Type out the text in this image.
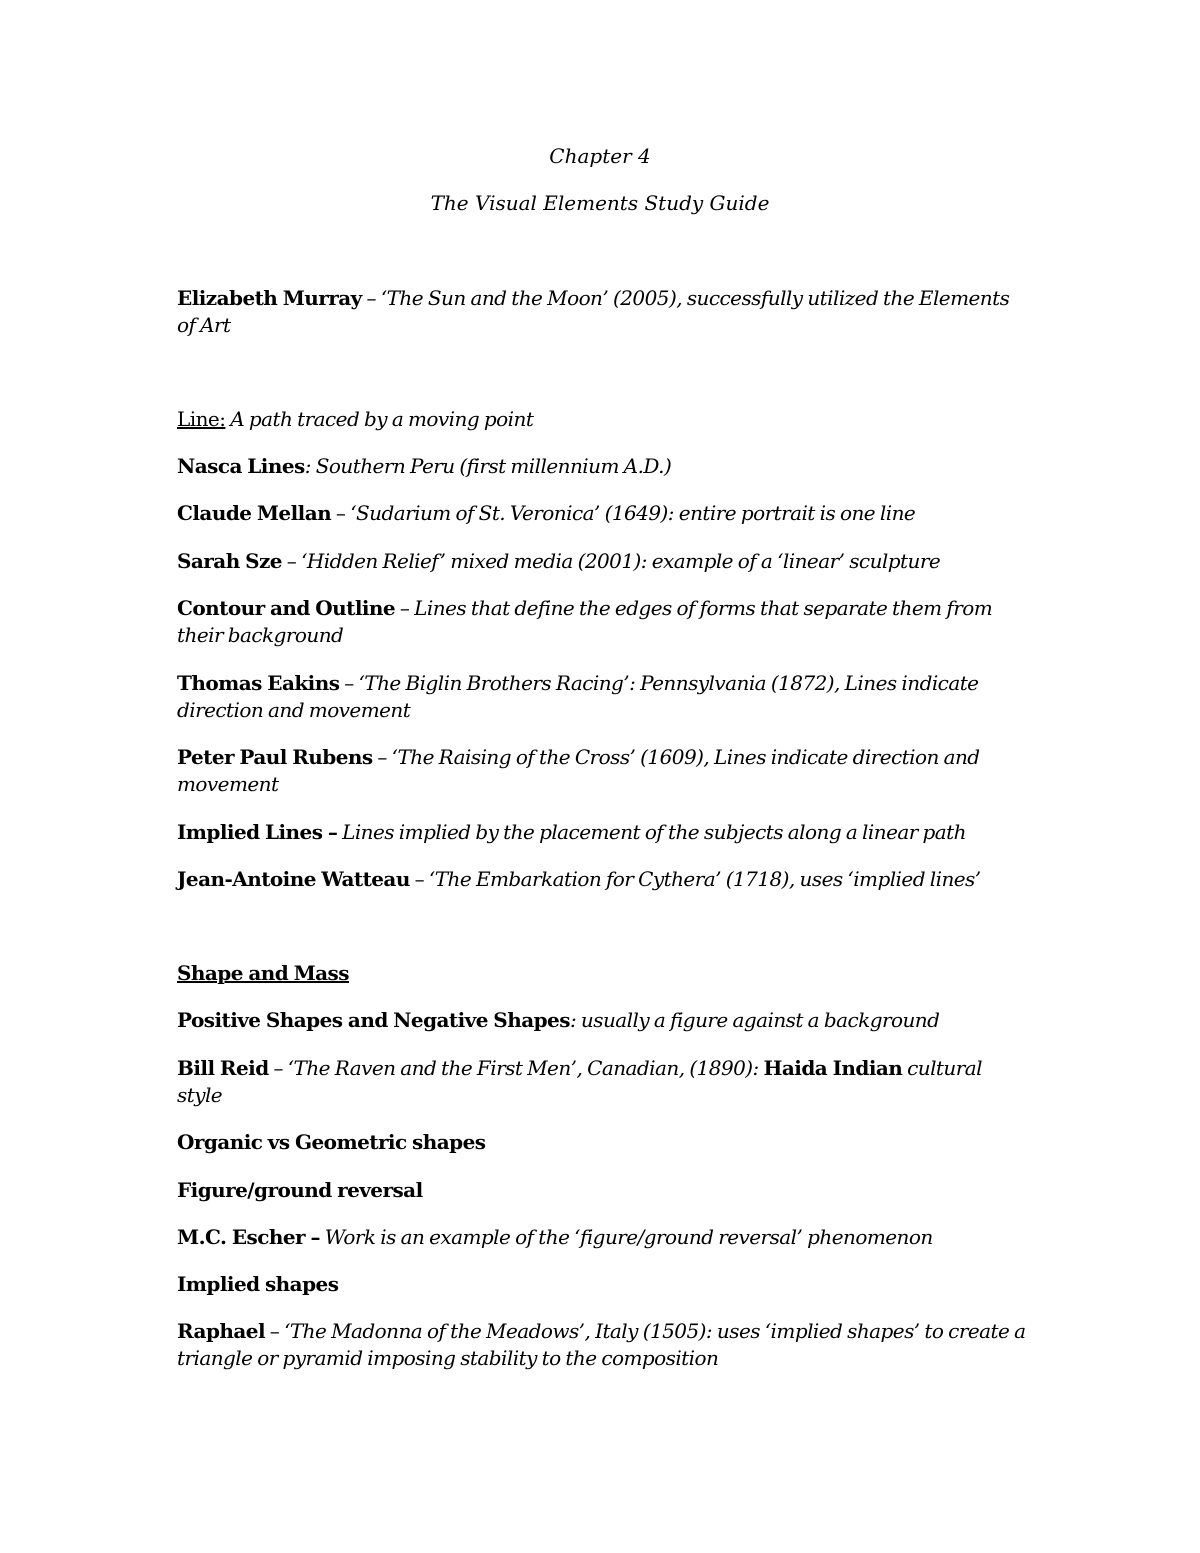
Chapter 4
The Visual Elements Study Guide
Elizabeth Murray – ‘The Sun and the Moon’ (2005), successfully utilized the Elements of Art
Line: A path traced by a moving point
Nasca Lines: Southern Peru (first millennium A.D.)
Claude Mellan – ‘Sudarium of St. Veronica’ (1649): entire portrait is one line
Sarah Sze – ‘Hidden Relief’ mixed media (2001): example of a ‘linear’ sculpture
Contour and Outline – Lines that define the edges of forms that separate them from their background
Thomas Eakins – ‘The Biglin Brothers Racing’: Pennsylvania (1872), Lines indicate direction and movement
Peter Paul Rubens – ‘The Raising of the Cross’ (1609), Lines indicate direction and movement
Implied Lines – Lines implied by the placement of the subjects along a linear path
Jean-Antoine Watteau – ‘The Embarkation for Cythera’ (1718), uses ‘implied lines’
Shape and Mass
Positive Shapes and Negative Shapes: usually a figure against a background
Bill Reid – ‘The Raven and the First Men’, Canadian, (1890): Haida Indian cultural style
Organic vs Geometric shapes
Figure/ground reversal
M.C. Escher – Work is an example of the ‘figure/ground reversal’ phenomenon
Implied shapes
Raphael – ‘The Madonna of the Meadows’, Italy (1505): uses ‘implied shapes’ to create a triangle or pyramid imposing stability to the composition
